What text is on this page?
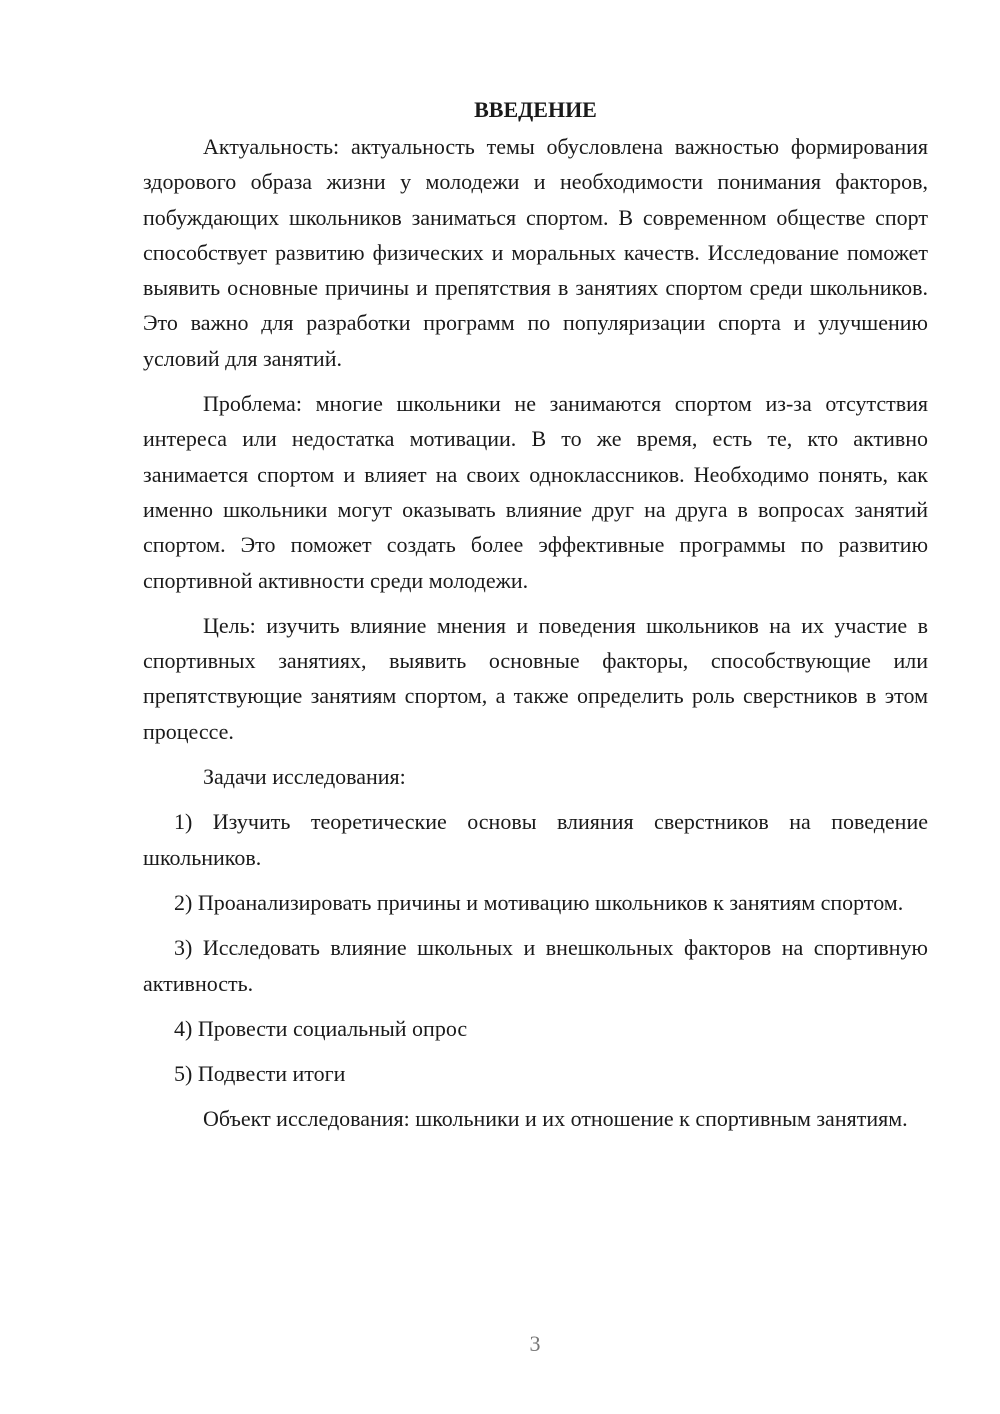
ВВЕДЕНИЕ

Актуальность: актуальность темы обусловлена важностью формирования здорового образа жизни у молодежи и необходимости понимания факторов, побуждающих школьников заниматься спортом. В современном обществе спорт способствует развитию физических и моральных качеств. Исследование поможет выявить основные причины и препятствия в занятиях спортом среди школьников. Это важно для разработки программ по популяризации спорта и улучшению условий для занятий.

Проблема: многие школьники не занимаются спортом из-за отсутствия интереса или недостатка мотивации. В то же время, есть те, кто активно занимается спортом и влияет на своих одноклассников. Необходимо понять, как именно школьники могут оказывать влияние друг на друга в вопросах занятий спортом. Это поможет создать более эффективные программы по развитию спортивной активности среди молодежи.

Цель: изучить влияние мнения и поведения школьников на их участие в спортивных занятиях, выявить основные факторы, способствующие или препятствующие занятиям спортом, а также определить роль сверстников в этом процессе.

Задачи исследования:

1) Изучить теоретические основы влияния сверстников на поведение школьников.

2) Проанализировать причины и мотивацию школьников к занятиям спортом.

3) Исследовать влияние школьных и внешкольных факторов на спортивную активность.

4) Провести социальный опрос

5) Подвести итоги

Объект исследования: школьники и их отношение к спортивным занятиям.

3
